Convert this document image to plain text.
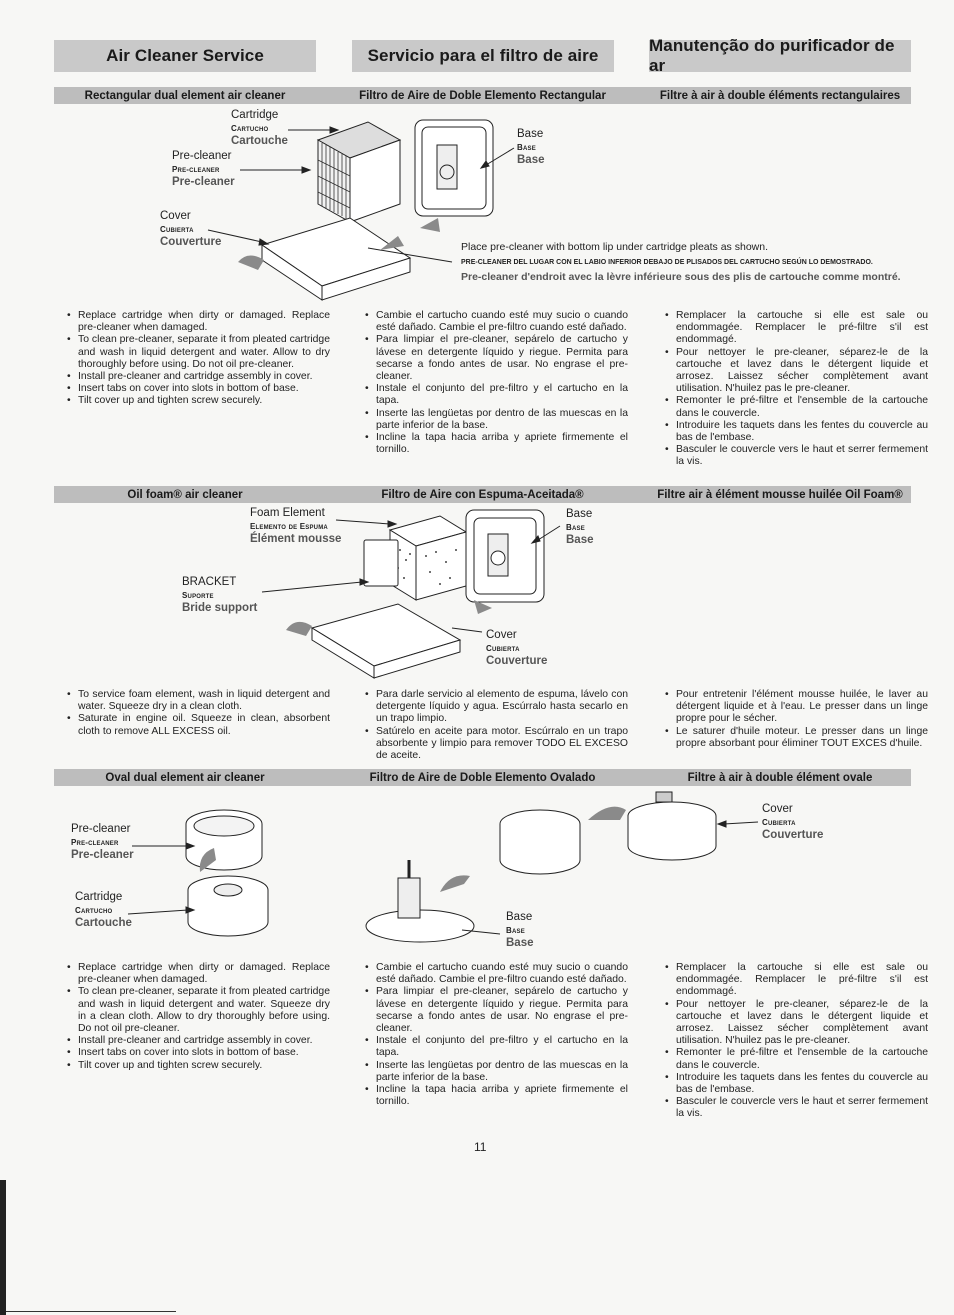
Air Cleaner Service	Servicio para el filtro de aire
Manutenção do purificador de ar
Rectangular dual element air cleaner	Filtro de Aire de Doble Elemento Rectangular	Filtre à air à double éléments rectangulaires
Cartridge
Cartucho
Cartouche
Pre-cleaner
Pre-cleaner
Pre-cleaner
Cover
Cubierta
Couverture
Base
Base
Base
Place pre-cleaner with bottom lip under cartridge pleats as shown.
PRE-CLEANER DEL LUGAR CON EL LABIO INFERIOR DEBAJO DE PLISADOS DEL CARTUCHO SEGÚN LO DEMOSTRADO.
Pre-cleaner d'endroit avec la lèvre inférieure sous des plis de cartouche comme montré.
• Replace cartridge when dirty or damaged. Replace pre-cleaner when damaged.
• To clean pre-cleaner, separate it from pleated cartridge and wash in liquid detergent and water. Allow to dry thoroughly before using. Do not oil pre-cleaner.
• Install pre-cleaner and cartridge assembly in cover.
• Insert tabs on cover into slots in bottom of base.
• Tilt cover up and tighten screw securely.
• Cambie el cartucho cuando esté muy sucio o cuando esté dañado. Cambie el pre-filtro cuando esté dañado.
• Para limpiar el pre-cleaner, sepárelo de cartucho y lávese en detergente líquido y riegue. Permita para secarse a fondo antes de usar. No engrase el pre-cleaner.
• Instale el conjunto del pre-filtro y el cartucho en la tapa.
• Inserte las lengüetas por dentro de las muescas en la parte inferior de la base.
• Incline la tapa hacia arriba y apriete firmemente el tornillo.
• Remplacer la cartouche si elle est sale ou endommagée. Remplacer le pré-filtre s'il est endommagé.
• Pour nettoyer le pre-cleaner, séparez-le de la cartouche et lavez dans le détergent liquide et arrosez. Laissez sécher complètement avant utilisation. N'huilez pas le pre-cleaner.
• Remonter le pré-filtre et l'ensemble de la cartouche dans le couvercle.
• Introduire les taquets dans les fentes du couvercle au bas de l'embase.
• Basculer le couvercle vers le haut et serrer fermement la vis.
Oil foam® air cleaner	Filtro de Aire con Espuma-Aceitada®	Filtre air à élément mousse huilée Oil Foam®
Foam Element
Elemento de Espuma
Élément mousse
BRACKET
Suporte
Bride support
Base
Base
Base
Cover
Cubierta
Couverture
• To service foam element, wash in liquid detergent and water. Squeeze dry in a clean cloth.
• Saturate in engine oil. Squeeze in clean, absorbent cloth to remove ALL EXCESS oil.
• Para darle servicio al elemento de espuma, lávelo con detergente líquido y agua. Escúrralo hasta secarlo en un trapo limpio.
• Satúrelo en aceite para motor. Escúrralo en un trapo absorbente y limpio para remover TODO EL EXCESO de aceite.
• Pour entretenir l'élément mousse huilée, le laver au détergent liquide et à l'eau. Le presser dans un linge propre pour le sécher.
• Le saturer d'huile moteur. Le presser dans un linge propre absorbant pour éliminer TOUT EXCES d'huile.
Oval dual element air cleaner	Filtro de Aire de Doble Elemento Ovalado	Filtre à air à double élément ovale
Pre-cleaner
Pre-cleaner
Pre-cleaner
Cartridge
Cartucho
Cartouche	Base
Base
Base
Cover
Cubierta
Couverture
• Replace cartridge when dirty or damaged. Replace pre-cleaner when damaged.
• To clean pre-cleaner, separate it from pleated cartridge and wash in liquid detergent and water. Squeeze dry in a clean cloth. Allow to dry thoroughly before using. Do not oil pre-cleaner.
• Install pre-cleaner and cartridge assembly in cover.
• Insert tabs on cover into slots in bottom of base.
• Tilt cover up and tighten screw securely.
• Cambie el cartucho cuando esté muy sucio o cuando esté dañado. Cambie el pre-filtro cuando esté dañado.
• Para limpiar el pre-cleaner, sepárelo de cartucho y lávese en detergente líquido y riegue. Permita para secarse a fondo antes de usar. No engrase el pre-cleaner.
• Instale el conjunto del pre-filtro y el cartucho en la tapa.
• Inserte las lengüetas por dentro de las muescas en la parte inferior de la base.
• Incline la tapa hacia arriba y apriete firmemente el tornillo.
• Remplacer la cartouche si elle est sale ou endommagée. Remplacer le pré-filtre s'il est endommagé.
• Pour nettoyer le pre-cleaner, séparez-le de la cartouche et lavez dans le détergent liquide et arrosez. Laissez sécher complètement avant utilisation. N'huilez pas le pre-cleaner.
• Remonter le pré-filtre et l'ensemble de la cartouche dans le couvercle.
• Introduire les taquets dans les fentes du couvercle au bas de l'embase.
• Basculer le couvercle vers le haut et serrer fermement la vis.
11
